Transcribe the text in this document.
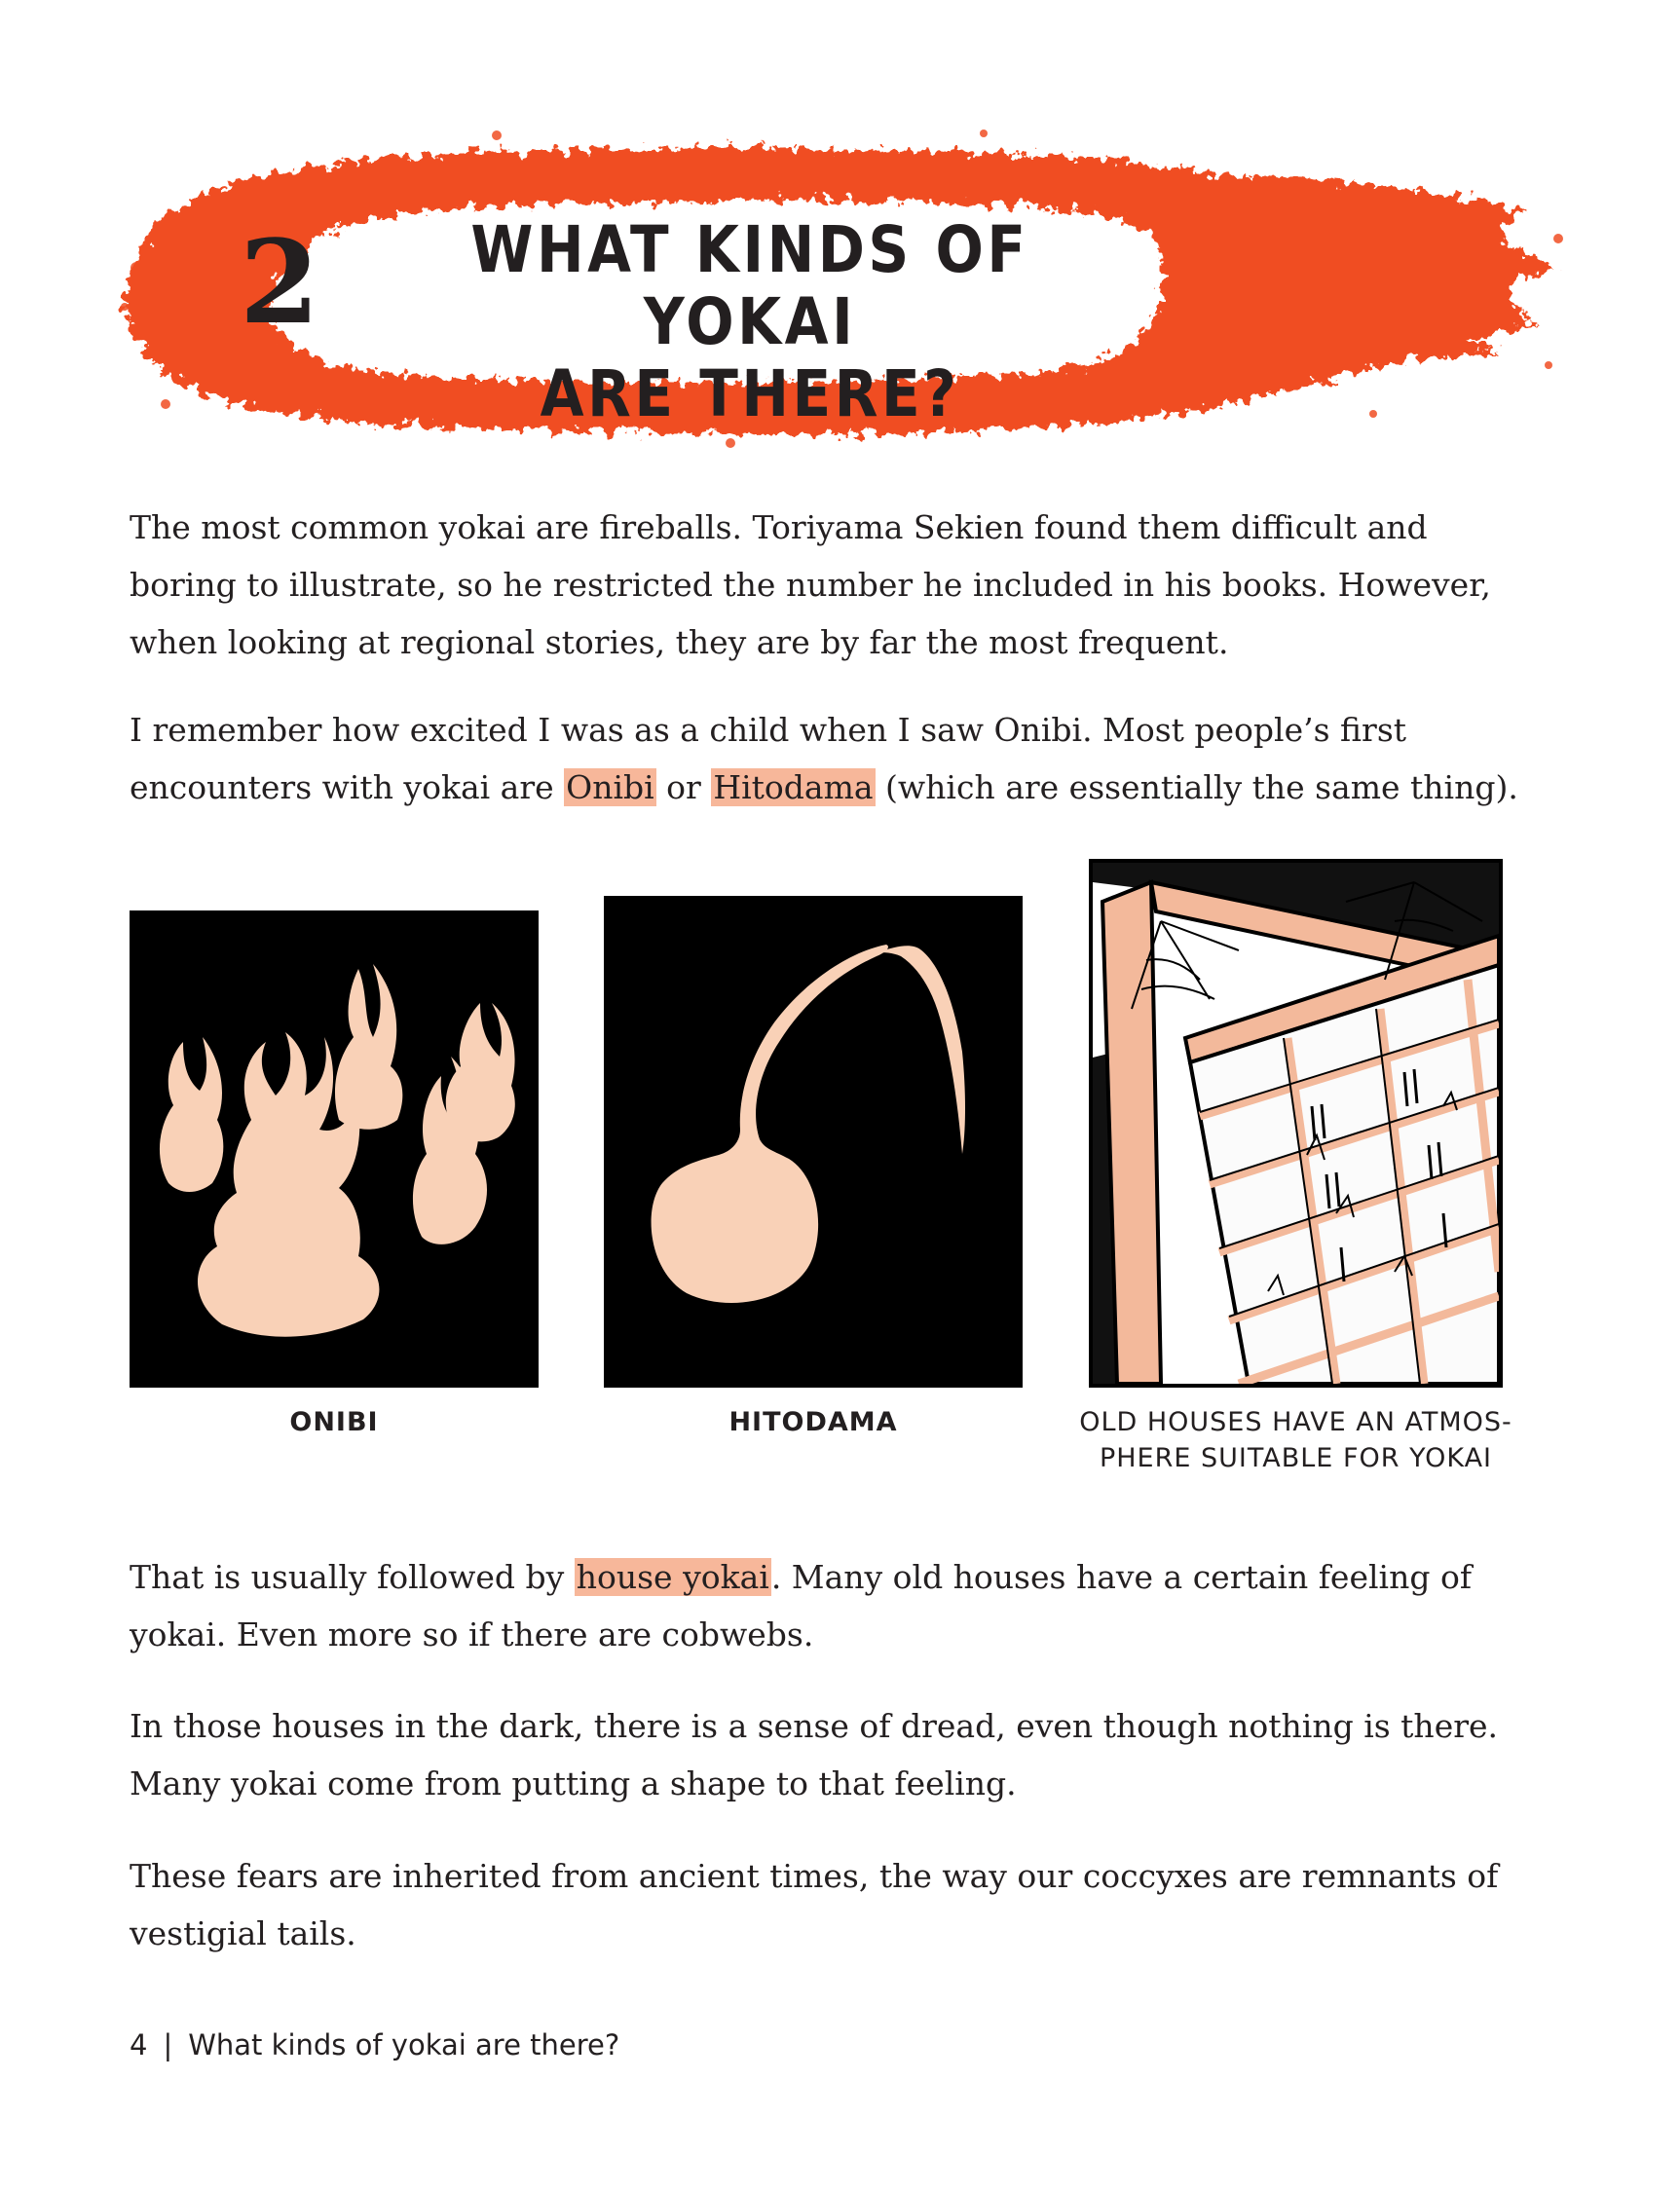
2 WHAT KINDS OF YOKAI
ARE THERE?
The most common yokai are fireballs. Toriyama Sekien found them difficult and boring to illustrate, so he restricted the number he included in his books. However, when looking at regional stories, they are by far the most frequent.
I remember how excited I was as a child when I saw Onibi. Most people’s first encounters with yokai are Onibi or Hitodama (which are essentially the same thing).
ONIBI	HITODAMA	OLD HOUSES HAVE AN ATMOS-
PHERE SUITABLE FOR YOKAI
That is usually followed by house yokai. Many old houses have a certain feeling of yokai. Even more so if there are cobwebs.
In those houses in the dark, there is a sense of dread, even though nothing is there. Many yokai come from putting a shape to that feeling.
These fears are inherited from ancient times, the way our coccyxes are remnants of vestigial tails.
4 | What kinds of yokai are there?
